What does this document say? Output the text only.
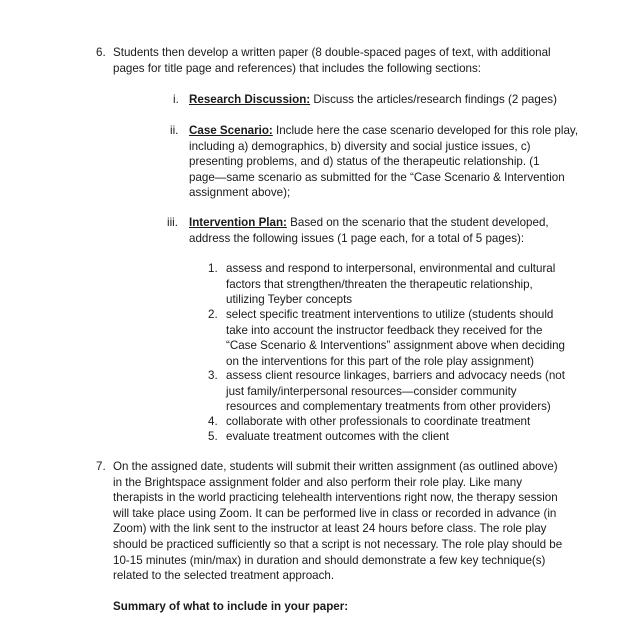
6. Students then develop a written paper (8 double-spaced pages of text, with additional
pages for title page and references) that includes the following sections:
i. Research Discussion: Discuss the articles/research findings (2 pages)
ii. Case Scenario: Include here the case scenario developed for this role play,
including a) demographics, b) diversity and social justice issues, c)
presenting problems, and d) status of the therapeutic relationship. (1
page—same scenario as submitted for the “Case Scenario & Intervention
assignment above);
iii. Intervention Plan: Based on the scenario that the student developed,
address the following issues (1 page each, for a total of 5 pages):
1. assess and respond to interpersonal, environmental and cultural
factors that strengthen/threaten the therapeutic relationship,
utilizing Teyber concepts
2. select specific treatment interventions to utilize (students should
take into account the instructor feedback they received for the
“Case Scenario & Interventions” assignment above when deciding
on the interventions for this part of the role play assignment)
3. assess client resource linkages, barriers and advocacy needs (not
just family/interpersonal resources—consider community
resources and complementary treatments from other providers)
4. collaborate with other professionals to coordinate treatment
5. evaluate treatment outcomes with the client
7. On the assigned date, students will submit their written assignment (as outlined above)
in the Brightspace assignment folder and also perform their role play. Like many
therapists in the world practicing telehealth interventions right now, the therapy session
will take place using Zoom. It can be performed live in class or recorded in advance (in
Zoom) with the link sent to the instructor at least 24 hours before class. The role play
should be practiced sufficiently so that a script is not necessary. The role play should be
10-15 minutes (min/max) in duration and should demonstrate a few key technique(s)
related to the selected treatment approach.
Summary of what to include in your paper:
